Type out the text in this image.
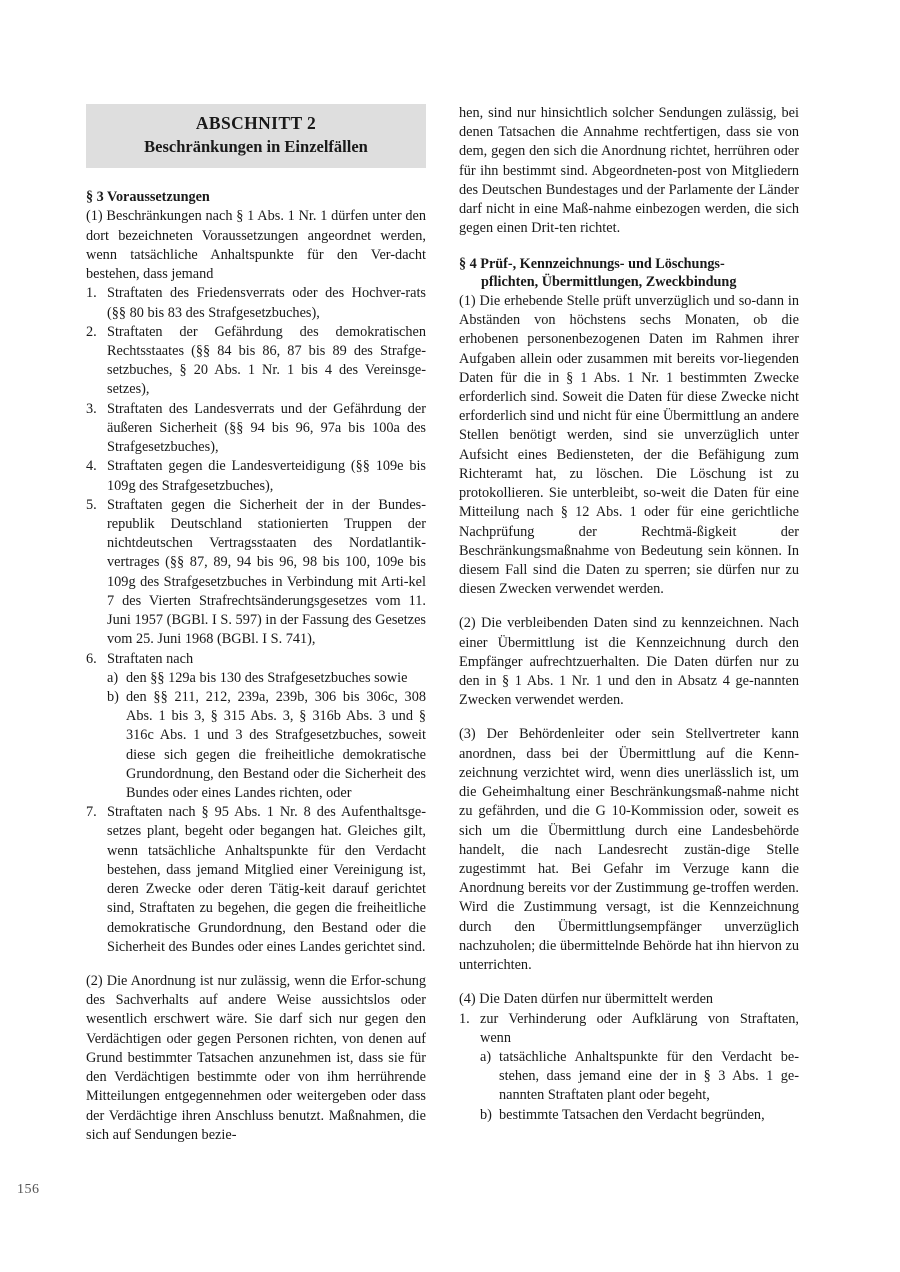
ABSCHNITT 2
Beschränkungen in Einzelfällen
§ 3 Voraussetzungen

(1) Beschränkungen nach § 1 Abs. 1 Nr. 1 dürfen unter den dort bezeichneten Voraussetzungen angeordnet werden, wenn tatsächliche Anhaltspunkte für den Ver-dacht bestehen, dass jemand

1. Straftaten des Friedensverrats oder des Hochver-rats (§§ 80 bis 83 des Strafgesetzbuches),
2. Straftaten der Gefährdung des demokratischen Rechtsstaates (§§ 84 bis 86, 87 bis 89 des Strafge-setzbuches, § 20 Abs. 1 Nr. 1 bis 4 des Vereinsge-setzes),
3. Straftaten des Landesverrats und der Gefährdung der äußeren Sicherheit (§§ 94 bis 96, 97a bis 100a des Strafgesetzbuches),
4. Straftaten gegen die Landesverteidigung (§§ 109e bis 109g des Strafgesetzbuches),
5. Straftaten gegen die Sicherheit der in der Bundes-republik Deutschland stationierten Truppen der nichtdeutschen Vertragsstaaten des Nordatlantik-vertrages (§§ 87, 89, 94 bis 96, 98 bis 100, 109e bis 109g des Strafgesetzbuches in Verbindung mit Arti-kel 7 des Vierten Strafrechtsänderungsgesetzes vom 11. Juni 1957 (BGBl. I S. 597) in der Fassung des Gesetzes vom 25. Juni 1968 (BGBl. I S. 741),
6. Straftaten nach
a) den §§ 129a bis 130 des Strafgesetzbuches sowie
b) den §§ 211, 212, 239a, 239b, 306 bis 306c, 308 Abs. 1 bis 3, § 315 Abs. 3, § 316b Abs. 3 und § 316c Abs. 1 und 3 des Strafgesetzbuches, soweit diese sich gegen die freiheitliche demokratische Grundordnung, den Bestand oder die Sicherheit des Bundes oder eines Landes richten, oder
7. Straftaten nach § 95 Abs. 1 Nr. 8 des Aufenthaltsge-setzes plant, begeht oder begangen hat. Gleiches gilt, wenn tatsächliche Anhaltspunkte für den Verdacht bestehen, dass jemand Mitglied einer Vereinigung ist, deren Zwecke oder deren Tätig-keit darauf gerichtet sind, Straftaten zu begehen, die gegen die freiheitliche demokratische Grundordnung, den Bestand oder die Sicherheit des Bundes oder eines Landes gerichtet sind.

(2) Die Anordnung ist nur zulässig, wenn die Erfor-schung des Sachverhalts auf andere Weise aussichtslos oder wesentlich erschwert wäre. Sie darf sich nur gegen den Verdächtigen oder gegen Personen richten, von denen auf Grund bestimmter Tatsachen anzunehmen ist, dass sie für den Verdächtigen bestimmte oder von ihm herrührende Mitteilungen entgegennehmen oder weitergeben oder dass der Verdächtige ihren Anschluss benutzt. Maßnahmen, die sich auf Sendungen bezie-

hen, sind nur hinsichtlich solcher Sendungen zulässig, bei denen Tatsachen die Annahme rechtfertigen, dass sie von dem, gegen den sich die Anordnung richtet, herrühren oder für ihn bestimmt sind. Abgeordneten-post von Mitgliedern des Deutschen Bundestages und der Parlamente der Länder darf nicht in eine Maß-nahme einbezogen werden, die sich gegen einen Drit-ten richtet.

§ 4 Prüf-, Kennzeichnungs- und Löschungs-
pflichten, Übermittlungen, Zweckbindung

(1) Die erhebende Stelle prüft unverzüglich und so-dann in Abständen von höchstens sechs Monaten, ob die erhobenen personenbezogenen Daten im Rahmen ihrer Aufgaben allein oder zusammen mit bereits vor-liegenden Daten für die in § 1 Abs. 1 Nr. 1 bestimmten Zwecke erforderlich sind. Soweit die Daten für diese Zwecke nicht erforderlich sind und nicht für eine Übermittlung an andere Stellen benötigt werden, sind sie unverzüglich unter Aufsicht eines Bediensteten, der die Befähigung zum Richteramt hat, zu löschen. Die Löschung ist zu protokollieren. Sie unterbleibt, so-weit die Daten für eine Mitteilung nach § 12 Abs. 1 oder für eine gerichtliche Nachprüfung der Rechtmä-ßigkeit der Beschränkungsmaßnahme von Bedeutung sein können. In diesem Fall sind die Daten zu sperren; sie dürfen nur zu diesen Zwecken verwendet werden.

(2) Die verbleibenden Daten sind zu kennzeichnen. Nach einer Übermittlung ist die Kennzeichnung durch den Empfänger aufrechtzuerhalten. Die Daten dürfen nur zu den in § 1 Abs. 1 Nr. 1 und den in Absatz 4 ge-nannten Zwecken verwendet werden.

(3) Der Behördenleiter oder sein Stellvertreter kann anordnen, dass bei der Übermittlung auf die Kenn-zeichnung verzichtet wird, wenn dies unerlässlich ist, um die Geheimhaltung einer Beschränkungsmaß-nahme nicht zu gefährden, und die G 10-Kommission oder, soweit es sich um die Übermittlung durch eine Landesbehörde handelt, die nach Landesrecht zustän-dige Stelle zugestimmt hat. Bei Gefahr im Verzuge kann die Anordnung bereits vor der Zustimmung ge-troffen werden. Wird die Zustimmung versagt, ist die Kennzeichnung durch den Übermittlungsempfänger unverzüglich nachzuholen; die übermittelnde Behörde hat ihn hiervon zu unterrichten.

(4) Die Daten dürfen nur übermittelt werden

1. zur Verhinderung oder Aufklärung von Straftaten, wenn
a) tatsächliche Anhaltspunkte für den Verdacht be-stehen, dass jemand eine der in § 3 Abs. 1 ge-nannten Straftaten plant oder begeht,
b) bestimmte Tatsachen den Verdacht begründen,
156
